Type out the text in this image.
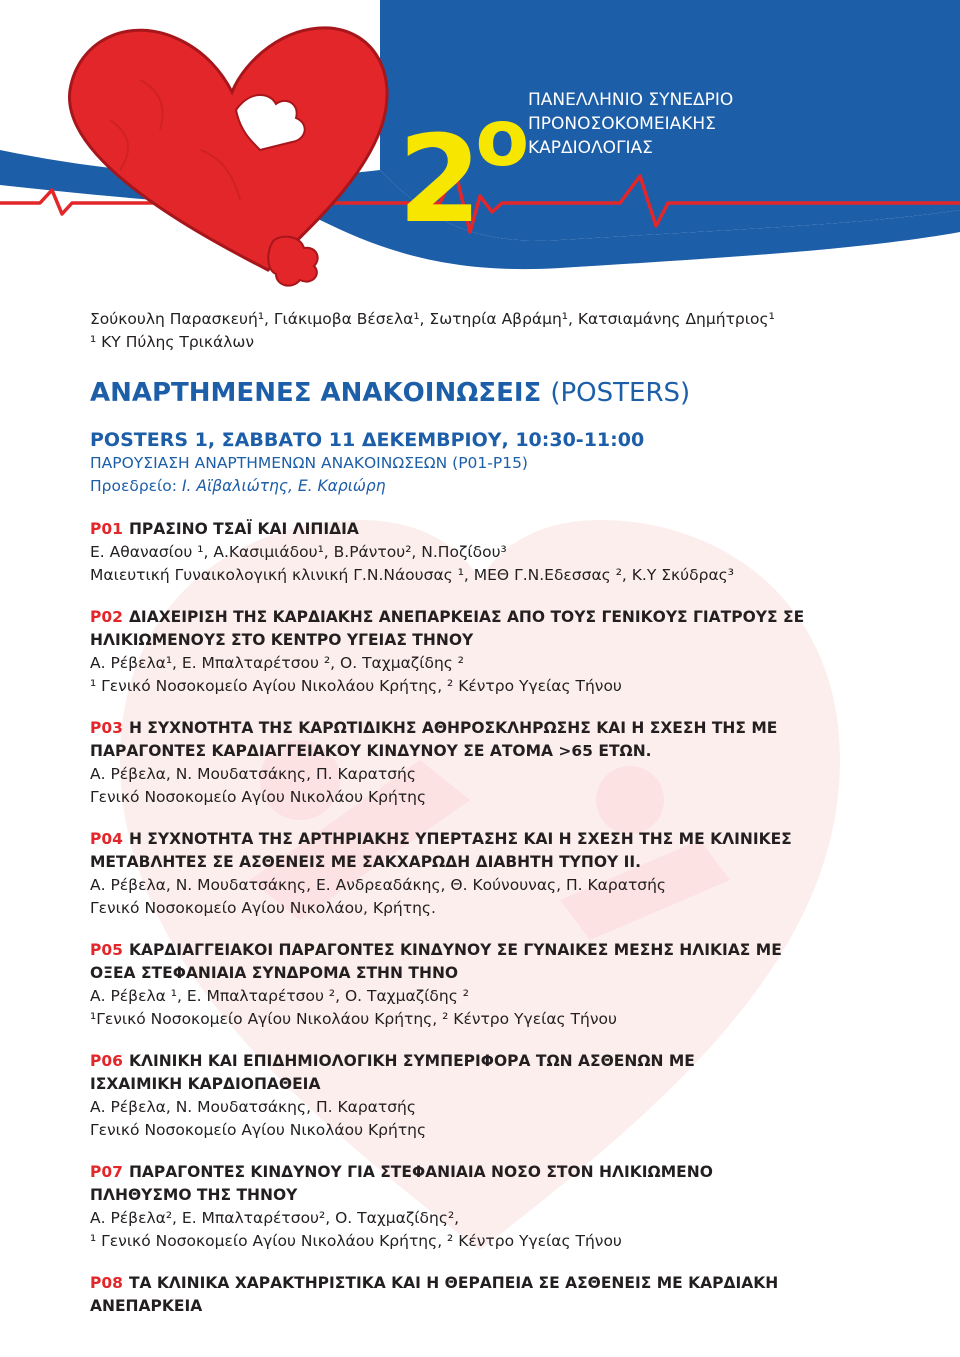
$2^o$ ΠΑΝΕΛΛΗΝΙΟ ΣΥΝΕΔΡΙΟ
ΠΡΟΝΟΣΟΚΟΜΕΙΑΚΗΣ
ΚΑΡΔΙΟΛΟΓΙΑΣ

Σούκουλη Παρασκευή¹, Γιάκιμοβα Βέσελα¹, Σωτηρία Αβράμη¹, Κατσιαμάνης Δημήτριος¹

¹ ΚΥ Πύλης Τρικάλων

ΑΝΑΡΤΗΜΕΝΕΣ ΑΝΑΚΟΙΝΩΣΕΙΣ (POSTERS)
POSTERS 1, ΣΑΒΒΑΤΟ 11 ΔΕΚΕΜΒΡΙΟΥ, 10:30-11:00

ΠΑΡΟΥΣΙΑΣΗ ΑΝΑΡΤΗΜΕΝΩΝ ΑΝΑΚΟΙΝΩΣΕΩΝ (Ρ01-Ρ15)

Προεδρείο: Ι. Αϊβαλιώτης, Ε. Καριώρη

Ρ01 ΠΡΑΣΙΝΟ ΤΣΑΪ ΚΑΙ ΛΙΠΙΔΙΑ

Ε. Αθανασίου ¹, Α.Κασιμιάδου¹, Β.Ράντου², Ν.Ποζίδου³

Μαιευτική Γυναικολογική κλινική Γ.Ν.Νάουσας ¹, ΜΕΘ Γ.Ν.Εδεσσας ², Κ.Υ Σκύδρας³

Ρ02 ΔΙΑΧΕΙΡΙΣΗ ΤΗΣ ΚΑΡΔΙΑΚΗΣ ΑΝΕΠΑΡΚΕΙΑΣ ΑΠΟ ΤΟΥΣ ΓΕΝΙΚΟΥΣ ΓΙΑΤΡΟΥΣ ΣΕ

ΗΛΙΚΙΩΜΕΝΟΥΣ ΣΤΟ ΚΕΝΤΡΟ ΥΓΕΙΑΣ ΤΗΝΟΥ

Α. Ρέβελα¹, Ε. Μπαλταρέτσου ², Ο. Ταχμαζίδης ²

¹ Γενικό Νοσοκομείο Αγίου Νικολάου Κρήτης, ² Κέντρο Υγείας Τήνου

Ρ03 Η ΣΥΧΝΟΤΗΤΑ ΤΗΣ ΚΑΡΩΤΙΔΙΚΗΣ ΑΘΗΡΟΣΚΛΗΡΩΣΗΣ ΚΑΙ Η ΣΧΕΣΗ ΤΗΣ ΜΕ

ΠΑΡΑΓΟΝΤΕΣ ΚΑΡΔΙΑΓΓΕΙΑΚΟΥ ΚΙΝΔΥΝΟΥ ΣΕ ΑΤΟΜΑ >65 ΕΤΩΝ.

Α. Ρέβελα, Ν. Μουδατσάκης, Π. Καρατσής

Γενικό Νοσοκομείο Αγίου Νικολάου Κρήτης

Ρ04 Η ΣΥΧΝΟΤΗΤΑ ΤΗΣ ΑΡΤΗΡΙΑΚΗΣ ΥΠΕΡΤΑΣΗΣ ΚΑΙ Η ΣΧΕΣΗ ΤΗΣ ΜΕ ΚΛΙΝΙΚΕΣ

ΜΕΤΑΒΛΗΤΕΣ ΣΕ ΑΣΘΕΝΕΙΣ ΜΕ ΣΑΚΧΑΡΩΔΗ ΔΙΑΒΗΤΗ ΤΥΠΟΥ ΙΙ.

Α. Ρέβελα, Ν. Μουδατσάκης, Ε. Ανδρεαδάκης, Θ. Κούνουνας, Π. Καρατσής

Γενικό Νοσοκομείο Αγίου Νικολάου, Κρήτης.

Ρ05 ΚΑΡΔΙΑΓΓΕΙΑΚΟΙ ΠΑΡΑΓΟΝΤΕΣ ΚΙΝΔΥΝΟΥ ΣΕ ΓΥΝΑΙΚΕΣ ΜΕΣΗΣ ΗΛΙΚΙΑΣ ΜΕ

ΟΞΕΑ ΣΤΕΦΑΝΙΑΙΑ ΣΥΝΔΡΟΜΑ ΣΤΗΝ ΤΗΝΟ

Α. Ρέβελα ¹, Ε. Μπαλταρέτσου ², Ο. Ταχμαζίδης ²

¹Γενικό Νοσοκομείο Αγίου Νικολάου Κρήτης, ² Κέντρο Υγείας Τήνου

Ρ06 ΚΛΙΝΙΚΗ ΚΑΙ ΕΠΙΔΗΜΙΟΛΟΓΙΚΗ ΣΥΜΠΕΡΙΦΟΡΑ ΤΩΝ ΑΣΘΕΝΩΝ ΜΕ

ΙΣΧΑΙΜΙΚΗ ΚΑΡΔΙΟΠΑΘΕΙΑ

Α. Ρέβελα, Ν. Μουδατσάκης, Π. Καρατσής

Γενικό Νοσοκομείο Αγίου Νικολάου Κρήτης

Ρ07 ΠΑΡΑΓΟΝΤΕΣ ΚΙΝΔΥΝΟΥ ΓΙΑ ΣΤΕΦΑΝΙΑΙΑ ΝΟΣΟ ΣΤΟΝ ΗΛΙΚΙΩΜΕΝΟ

ΠΛΗΘΥΣΜΟ ΤΗΣ ΤΗΝΟΥ

Α. Ρέβελα², Ε. Μπαλταρέτσου², Ο. Ταχμαζίδης²,

¹ Γενικό Νοσοκομείο Αγίου Νικολάου Κρήτης, ² Κέντρο Υγείας Τήνου

Ρ08 ΤΑ ΚΛΙΝΙΚΑ ΧΑΡΑΚΤΗΡΙΣΤΙΚΑ ΚΑΙ Η ΘΕΡΑΠΕΙΑ ΣΕ ΑΣΘΕΝΕΙΣ ΜΕ ΚΑΡΔΙΑΚΗ

ΑΝΕΠΑΡΚΕΙΑ
